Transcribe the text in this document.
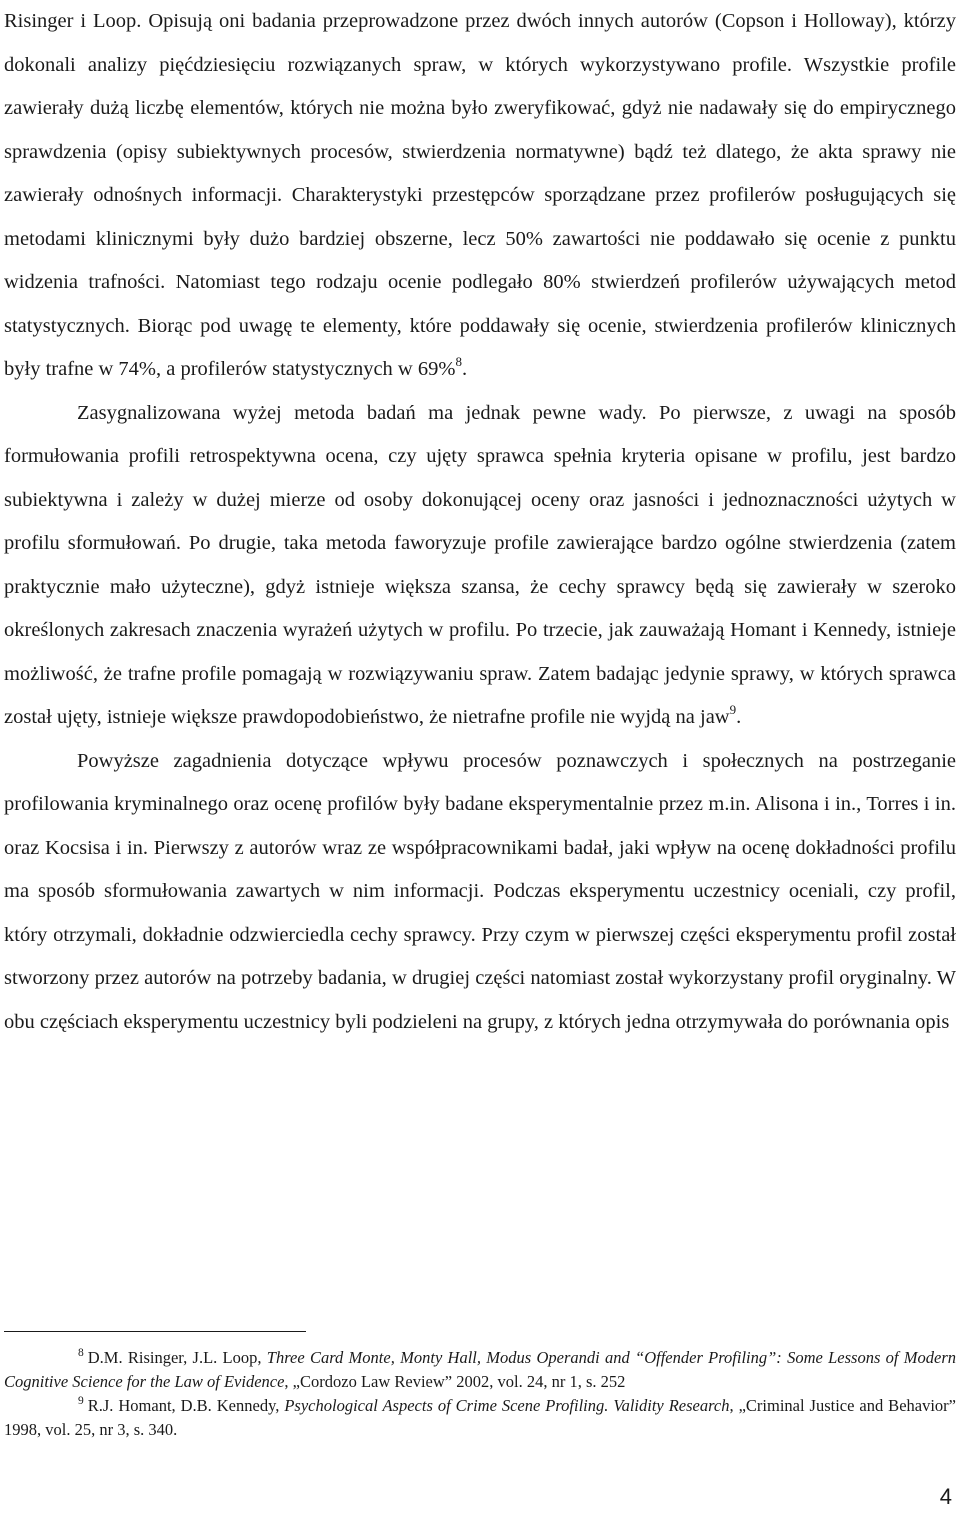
Risinger i Loop. Opisują oni badania przeprowadzone przez dwóch innych autorów (Copson i Holloway), którzy dokonali analizy pięćdziesięciu rozwiązanych spraw, w których wykorzystywano profile. Wszystkie profile zawierały dużą liczbę elementów, których nie można było zweryfikować, gdyż nie nadawały się do empirycznego sprawdzenia (opisy subiektywnych procesów, stwierdzenia normatywne) bądź też dlatego, że akta sprawy nie zawierały odnośnych informacji. Charakterystyki przestępców sporządzane przez profilerów posługujących się metodami klinicznymi były dużo bardziej obszerne, lecz 50% zawartości nie poddawało się ocenie z punktu widzenia trafności. Natomiast tego rodzaju ocenie podlegało 80% stwierdzeń profilerów używających metod statystycznych. Biorąc pod uwagę te elementy, które poddawały się ocenie, stwierdzenia profilerów klinicznych były trafne w 74%, a profilerów statystycznych w 69%$^8$.

Zasygnalizowana wyżej metoda badań ma jednak pewne wady. Po pierwsze, z uwagi na sposób formułowania profili retrospektywna ocena, czy ujęty sprawca spełnia kryteria opisane w profilu, jest bardzo subiektywna i zależy w dużej mierze od osoby dokonującej oceny oraz jasności i jednoznaczności użytych w profilu sformułowań. Po drugie, taka metoda faworyzuje profile zawierające bardzo ogólne stwierdzenia (zatem praktycznie mało użyteczne), gdyż istnieje większa szansa, że cechy sprawcy będą się zawierały w szeroko określonych zakresach znaczenia wyrażeń użytych w profilu. Po trzecie, jak zauważają Homant i Kennedy, istnieje możliwość, że trafne profile pomagają w rozwiązywaniu spraw. Zatem badając jedynie sprawy, w których sprawca został ujęty, istnieje większe prawdopodobieństwo, że nietrafne profile nie wyjdą na jaw$^9$.

Powyższe zagadnienia dotyczące wpływu procesów poznawczych i społecznych na postrzeganie profilowania kryminalnego oraz ocenę profilów były badane eksperymentalnie przez m.in. Alisona i in., Torres i in. oraz Kocsisa i in. Pierwszy z autorów wraz ze współpracownikami badał, jaki wpływ na ocenę dokładności profilu ma sposób sformułowania zawartych w nim informacji. Podczas eksperymentu uczestnicy oceniali, czy profil, który otrzymali, dokładnie odzwierciedla cechy sprawcy. Przy czym w pierwszej części eksperymentu profil został stworzony przez autorów na potrzeby badania, w drugiej części natomiast został wykorzystany profil oryginalny. W obu częściach eksperymentu uczestnicy byli podzieleni na grupy, z których jedna otrzymywała do porównania opis

$^8$ D.M. Risinger, J.L. Loop, Three Card Monte, Monty Hall, Modus Operandi and “Offender Profiling”: Some Lessons of Modern Cognitive Science for the Law of Evidence, „Cordozo Law Review” 2002, vol. 24, nr 1, s. 252

$^9$ R.J. Homant, D.B. Kennedy, Psychological Aspects of Crime Scene Profiling. Validity Research, „Criminal Justice and Behavior” 1998, vol. 25, nr 3, s. 340.

4
